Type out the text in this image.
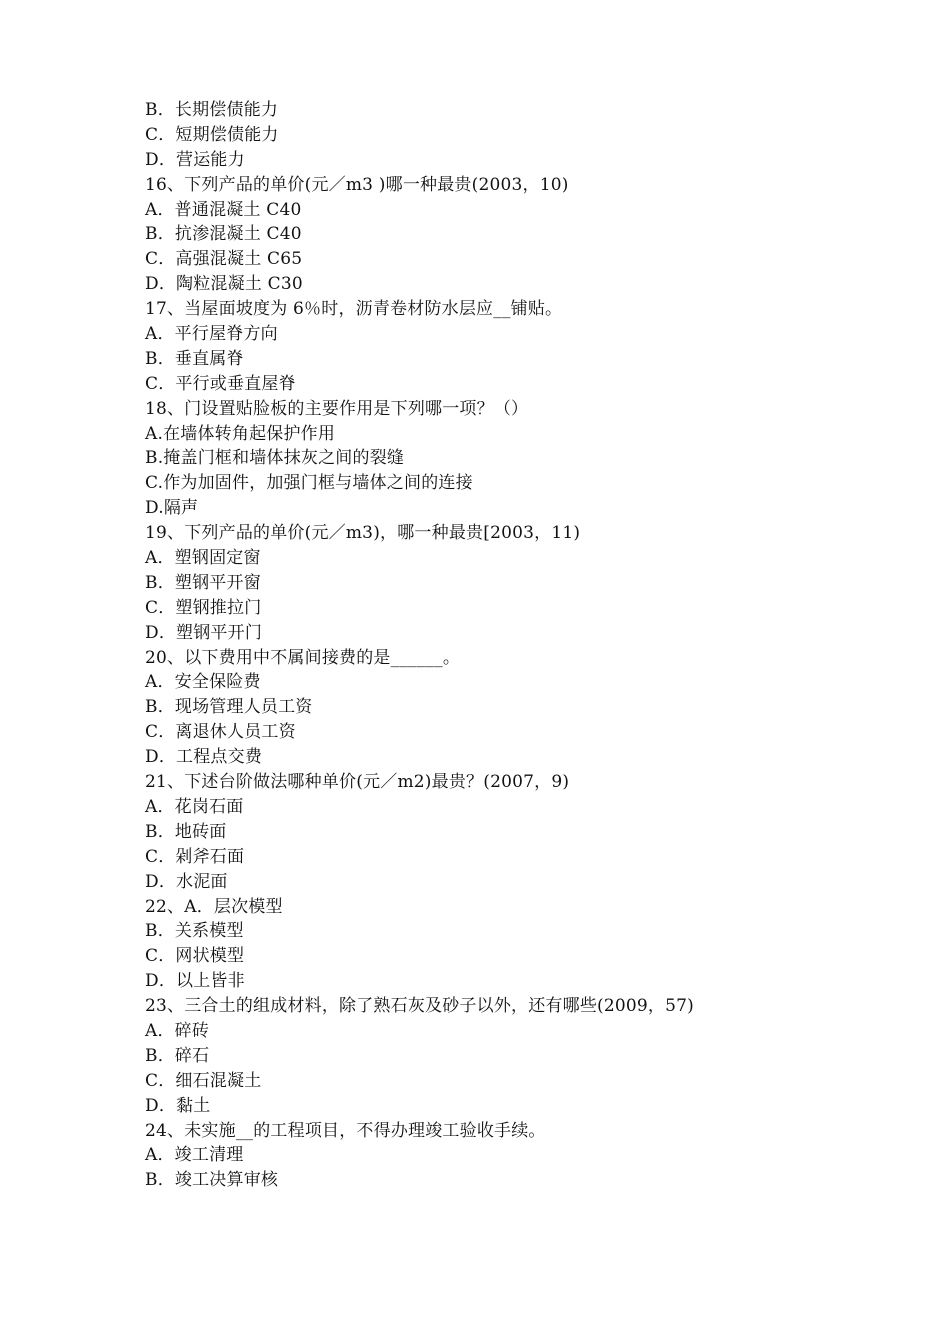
B．长期偿债能力
C．短期偿债能力
D．营运能力
16、下列产品的单价(元／m3 )哪一种最贵(2003，10)
A．普通混凝土 C40
B．抗渗混凝土 C40
C．高强混凝土 C65
D．陶粒混凝土 C30
17、当屋面坡度为 6％时，沥青卷材防水层应__铺贴。
A．平行屋脊方向
B．垂直属脊
C．平行或垂直屋脊
18、门设置贴脸板的主要作用是下列哪一项？（）
A.在墙体转角起保护作用
B.掩盖门框和墙体抹灰之间的裂缝
C.作为加固件，加强门框与墙体之间的连接
D.隔声
19、下列产品的单价(元／m3)，哪一种最贵[2003，11)
A．塑钢固定窗
B．塑钢平开窗
C．塑钢推拉门
D．塑钢平开门
20、以下费用中不属间接费的是______。
A．安全保险费
B．现场管理人员工资
C．离退休人员工资
D．工程点交费
21、下述台阶做法哪种单价(元／m2)最贵？(2007，9)
A．花岗石面
B．地砖面
C．剁斧石面
D．水泥面
22、A．层次模型
B．关系模型
C．网状模型
D．以上皆非
23、三合土的组成材料，除了熟石灰及砂子以外，还有哪些(2009，57)
A．碎砖
B．碎石
C．细石混凝土
D．黏土
24、未实施__的工程项目，不得办理竣工验收手续。
A．竣工清理
B．竣工决算审核
